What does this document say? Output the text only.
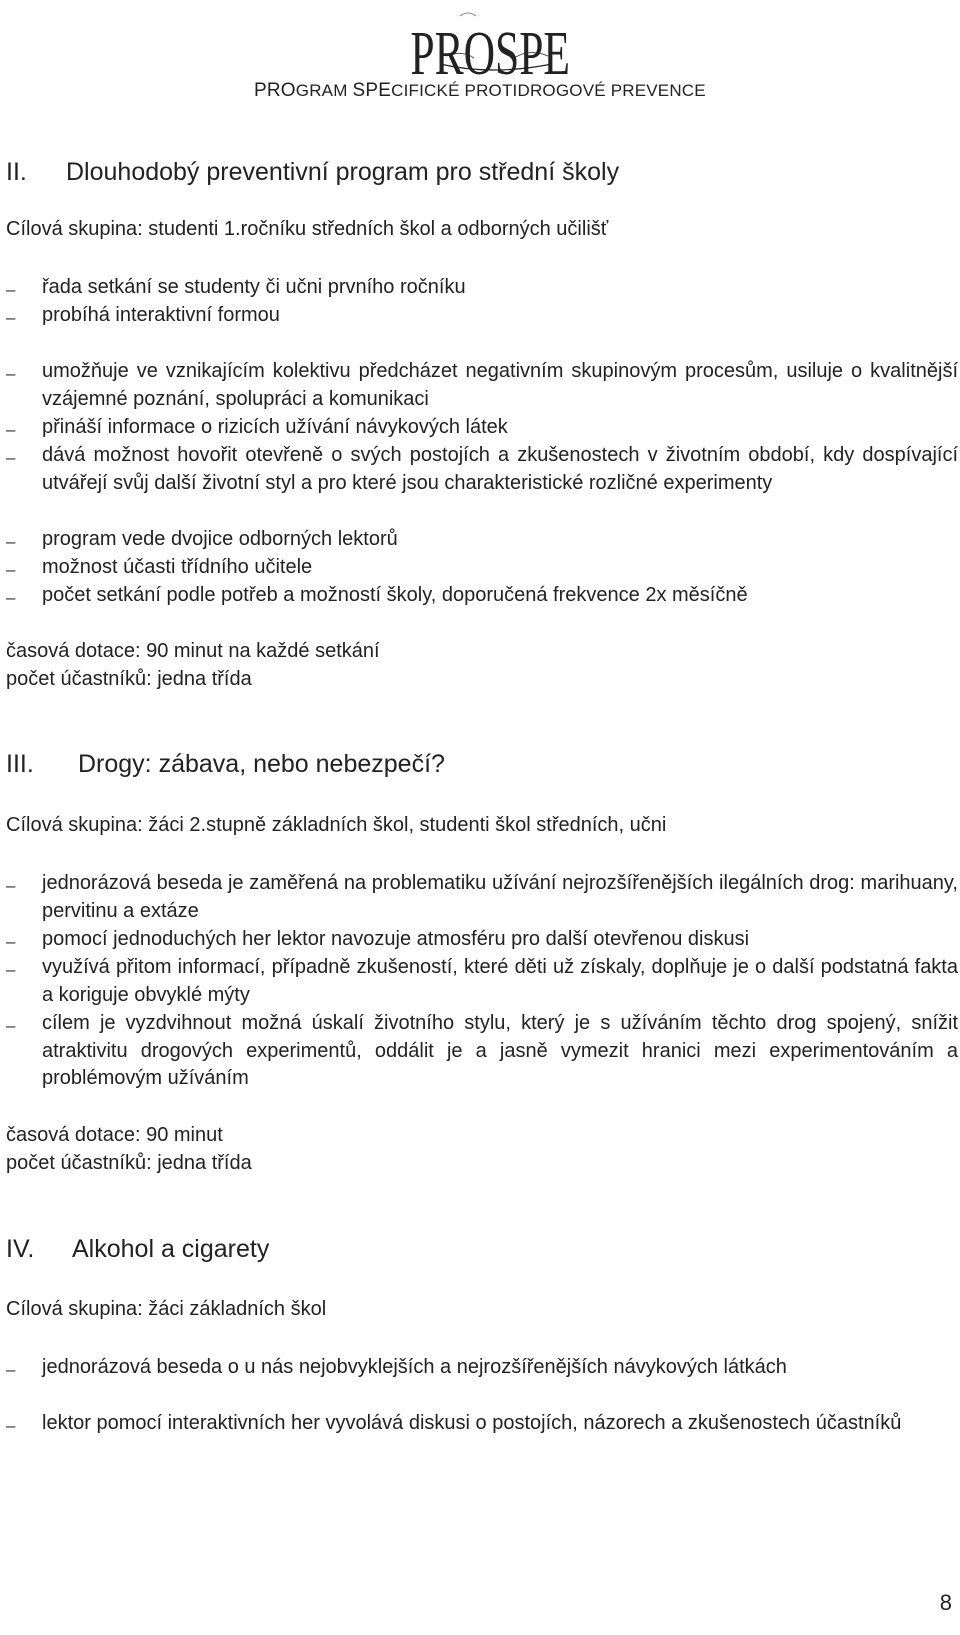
PROSPE
PROGRAM SPECIFICKÉ PROTIDROGOVÉ PREVENCE
II. Dlouhodobý preventivní program pro střední školy
Cílová skupina: studenti 1.ročníku středních škol a odborných učilišť
– řada setkání se studenty či učni prvního ročníku
– probíhá interaktivní formou
– umožňuje ve vznikajícím kolektivu předcházet negativním skupinovým procesům, usiluje o kvalitnější vzájemné poznání, spolupráci a komunikaci
– přináší informace o rizicích užívání návykových látek
– dává možnost hovořit otevřeně o svých postojích a zkušenostech v životním období, kdy dospívající utvářejí svůj další životní styl a pro které jsou charakteristické rozličné experimenty
– program vede dvojice odborných lektorů
– možnost účasti třídního učitele
– počet setkání podle potřeb a možností školy, doporučená frekvence 2x měsíčně
časová dotace: 90 minut na každé setkání
počet účastníků: jedna třída
III. Drogy: zábava, nebo nebezpečí?
Cílová skupina: žáci 2.stupně základních škol, studenti škol středních, učni
– jednorázová beseda je zaměřená na problematiku užívání nejrozšířenějších ilegálních drog: marihuany, pervitinu a extáze
– pomocí jednoduchých her lektor navozuje atmosféru pro další otevřenou diskusi
– využívá přitom informací, případně zkušeností, které děti už získaly, doplňuje je o další podstatná fakta a koriguje obvyklé mýty
– cílem je vyzdvihnout možná úskalí životního stylu, který je s užíváním těchto drog spojený, snížit atraktivitu drogových experimentů, oddálit je a jasně vymezit hranici mezi experimentováním a problémovým užíváním
časová dotace: 90 minut
počet účastníků: jedna třída
IV. Alkohol a cigarety
Cílová skupina: žáci základních škol
– jednorázová beseda o u nás nejobvyklejších a nejrozšířenějších návykových látkách
– lektor pomocí interaktivních her vyvolává diskusi o postojích, názorech a zkušenostech účastníků
8
